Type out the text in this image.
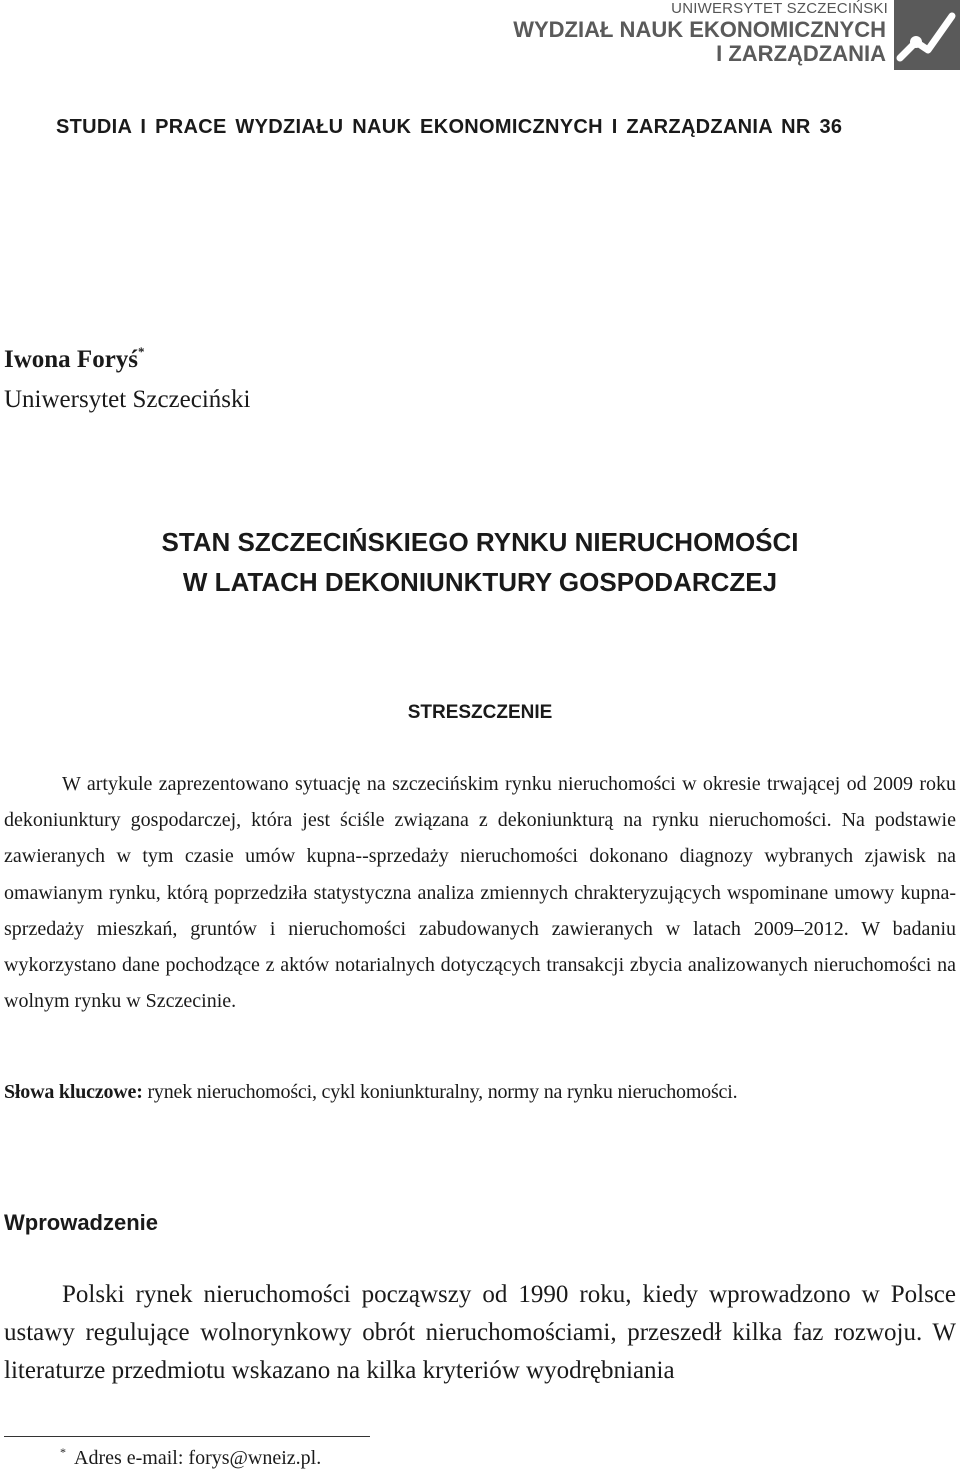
UNIWERSYTET SZCZECIŃSKI
WYDZIAŁ NAUK EKONOMICZNYCH
I ZARZĄDZANIA
STUDIA I PRACE WYDZIAŁU NAUK EKONOMICZNYCH I ZARZĄDZANIA NR 36
Iwona Foryś*
Uniwersytet Szczeciński
STAN SZCZECIŃSKIEGO RYNKU NIERUCHOMOŚCI
W LATACH DEKONIUNKTURY GOSPODARCZEJ
STRESZCZENIE

W artykule zaprezentowano sytuację na szczecińskim rynku nieruchomości w okresie trwającej od 2009 roku dekoniunktury gospodarczej, która jest ściśle związana z dekoniunkturą na rynku nieruchomości. Na podstawie zawieranych w tym czasie umów kupna--sprzedaży nieruchomości dokonano diagnozy wybranych zjawisk na omawianym rynku, którą poprzedziła statystyczna analiza zmiennych chrakteryzujących wspominane umowy kupna-sprzedaży mieszkań, gruntów i nieruchomości zabudowanych zawieranych w latach 2009–2012. W badaniu wykorzystano dane pochodzące z aktów notarialnych dotyczących transakcji zbycia analizowanych nieruchomości na wolnym rynku w Szczecinie.

Słowa kluczowe: rynek nieruchomości, cykl koniunkturalny, normy na rynku nieruchomości.

Wprowadzenie

Polski rynek nieruchomości począwszy od 1990 roku, kiedy wprowadzono w Polsce ustawy regulujące wolnorynkowy obrót nieruchomościami, przeszedł kilka faz rozwoju. W literaturze przedmiotu wskazano na kilka kryteriów wyodrębniania

* Adres e-mail: forys@wneiz.pl.
